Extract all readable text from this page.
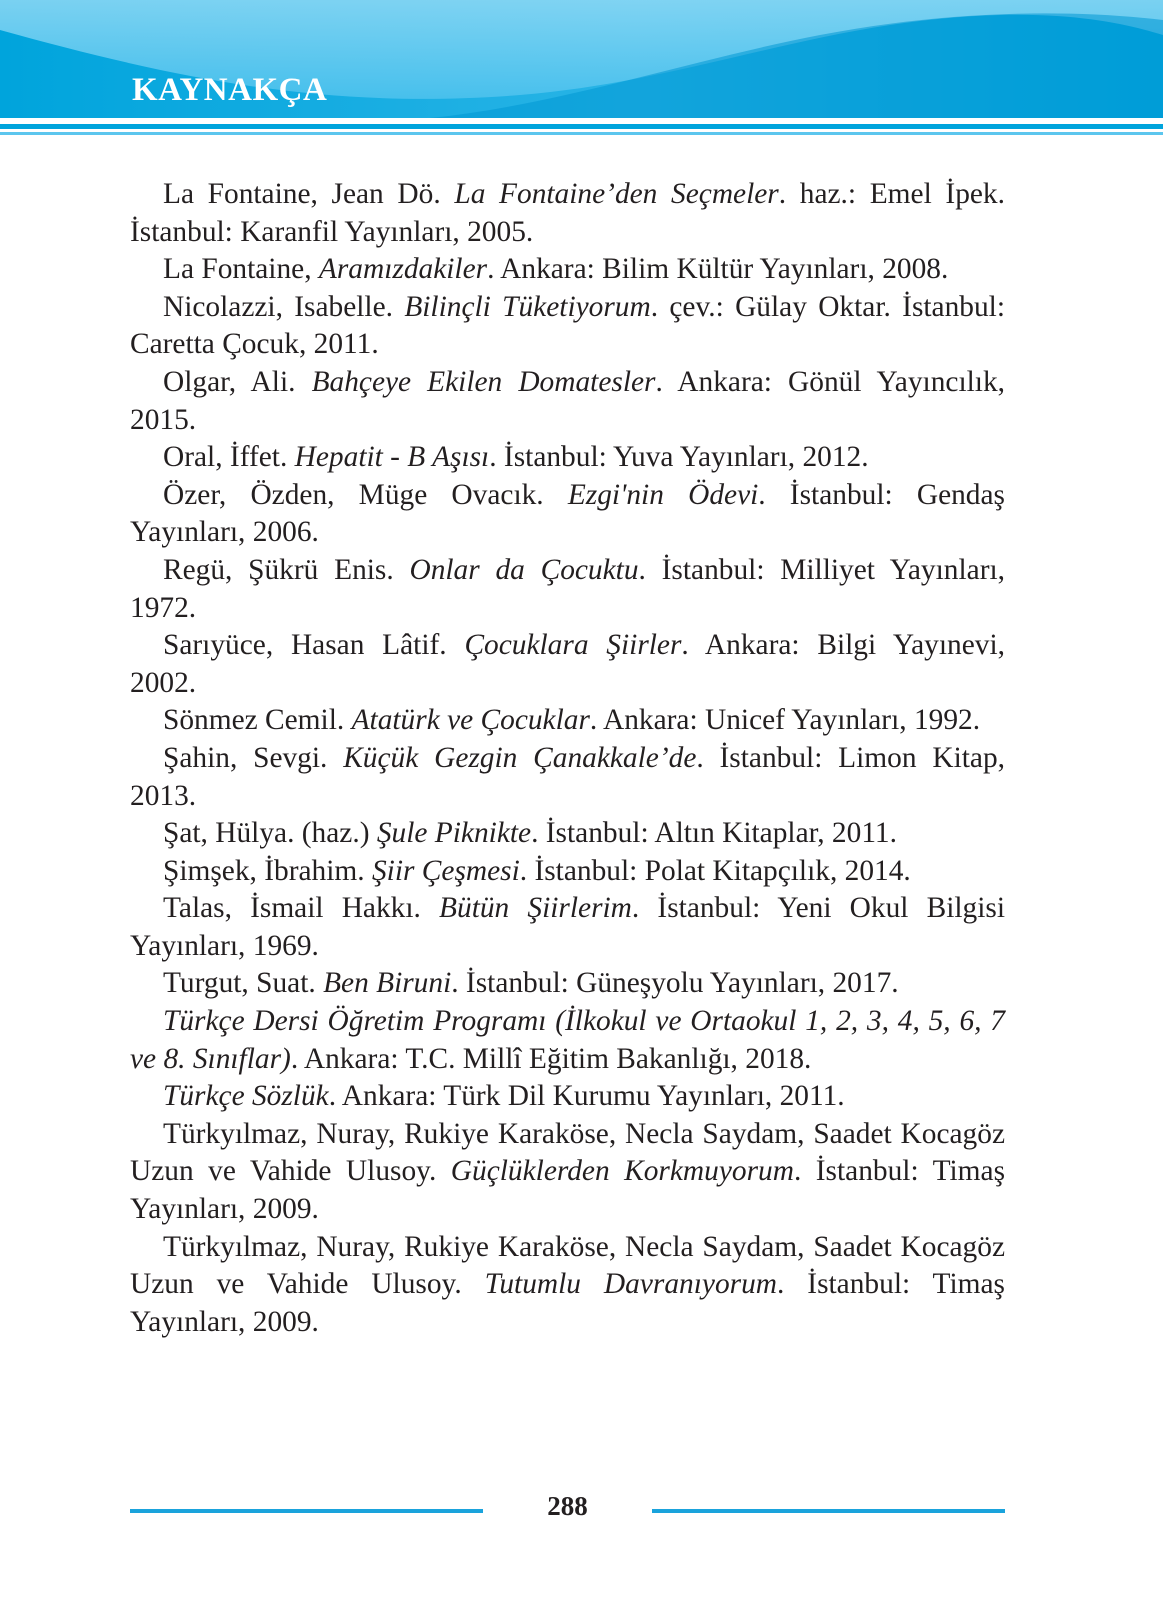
KAYNAKÇA
La Fontaine, Jean Dö. La Fontaine’den Seçmeler. haz.: Emel İpek. İstanbul: Karanfil Yayınları, 2005.
La Fontaine, Aramızdakiler. Ankara: Bilim Kültür Yayınları, 2008.
Nicolazzi, Isabelle. Bilinçli Tüketiyorum. çev.: Gülay Oktar. İstanbul: Caretta Çocuk, 2011.
Olgar, Ali. Bahçeye Ekilen Domatesler. Ankara: Gönül Yayıncılık, 2015.
Oral, İffet. Hepatit - B Aşısı. İstanbul: Yuva Yayınları, 2012.
Özer, Özden, Müge Ovacık. Ezgi'nin Ödevi. İstanbul: Gendaş Yayınları, 2006.
Regü, Şükrü Enis. Onlar da Çocuktu. İstanbul: Milliyet Yayınları, 1972.
Sarıyüce, Hasan Lâtif. Çocuklara Şiirler. Ankara: Bilgi Yayınevi, 2002.
Sönmez Cemil. Atatürk ve Çocuklar. Ankara: Unicef Yayınları, 1992.
Şahin, Sevgi. Küçük Gezgin Çanakkale’de. İstanbul: Limon Kitap, 2013.
Şat, Hülya. (haz.) Şule Piknikte. İstanbul: Altın Kitaplar, 2011.
Şimşek, İbrahim. Şiir Çeşmesi. İstanbul: Polat Kitapçılık, 2014.
Talas, İsmail Hakkı. Bütün Şiirlerim. İstanbul: Yeni Okul Bilgisi Yayınları, 1969.
Turgut, Suat. Ben Biruni. İstanbul: Güneşyolu Yayınları, 2017.
Türkçe Dersi Öğretim Programı (İlkokul ve Ortaokul 1, 2, 3, 4, 5, 6, 7 ve 8. Sınıflar). Ankara: T.C. Millî Eğitim Bakanlığı, 2018.
Türkçe Sözlük. Ankara: Türk Dil Kurumu Yayınları, 2011.
Türkyılmaz, Nuray, Rukiye Karaköse, Necla Saydam, Saadet Kocagöz Uzun ve Vahide Ulusoy. Güçlüklerden Korkmuyorum. İstanbul: Timaş Yayınları, 2009.
Türkyılmaz, Nuray, Rukiye Karaköse, Necla Saydam, Saadet Kocagöz Uzun ve Vahide Ulusoy. Tutumlu Davranıyorum. İstanbul: Timaş Yayınları, 2009.
288
